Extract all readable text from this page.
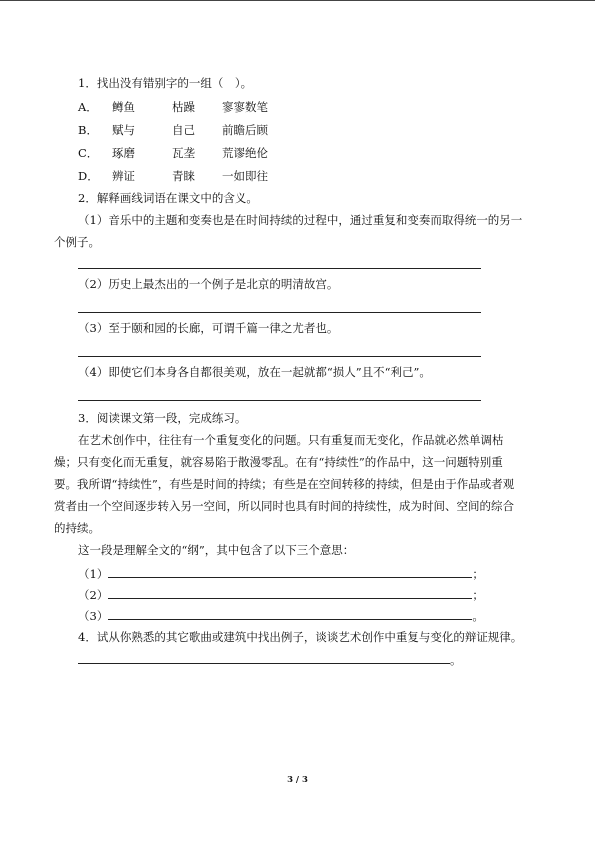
1．找出没有错别字的一组（　）。
A． 鳟鱼	枯躁 寥寥数笔
B． 赋与	自己 前瞻后顾
C． 琢磨	瓦垄 荒谬绝伦
D． 辨证	青睐 一如即往
2．解释画线词语在课文中的含义。
（1）音乐中的主题和变奏也是在时间持续的过程中，通过重复和变奏而取得统一的另一
个例子。
（2）历史上最杰出的一个例子是北京的明清故宫。
（3）至于颐和园的长廊，可谓千篇一律之尤者也。
（4）即使它们本身各自都很美观，放在一起就都“损人”且不“利己”。
3．阅读课文第一段，完成练习。
在艺术创作中，往往有一个重复变化的问题。只有重复而无变化，作品就必然单调枯
燥；只有变化而无重复，就容易陷于散漫零乱。在有“持续性”的作品中，这一问题特别重
要。我所谓“持续性”，有些是时间的持续；有些是在空间转移的持续，但是由于作品或者观
赏者由一个空间逐步转入另一空间，所以同时也具有时间的持续性，成为时间、空间的综合
的持续。
这一段是理解全文的“纲”，其中包含了以下三个意思：
（1）	；
（2）	；
（3）	。
4．试从你熟悉的其它歌曲或建筑中找出例子，谈谈艺术创作中重复与变化的辩证规律。
。
3 / 3
